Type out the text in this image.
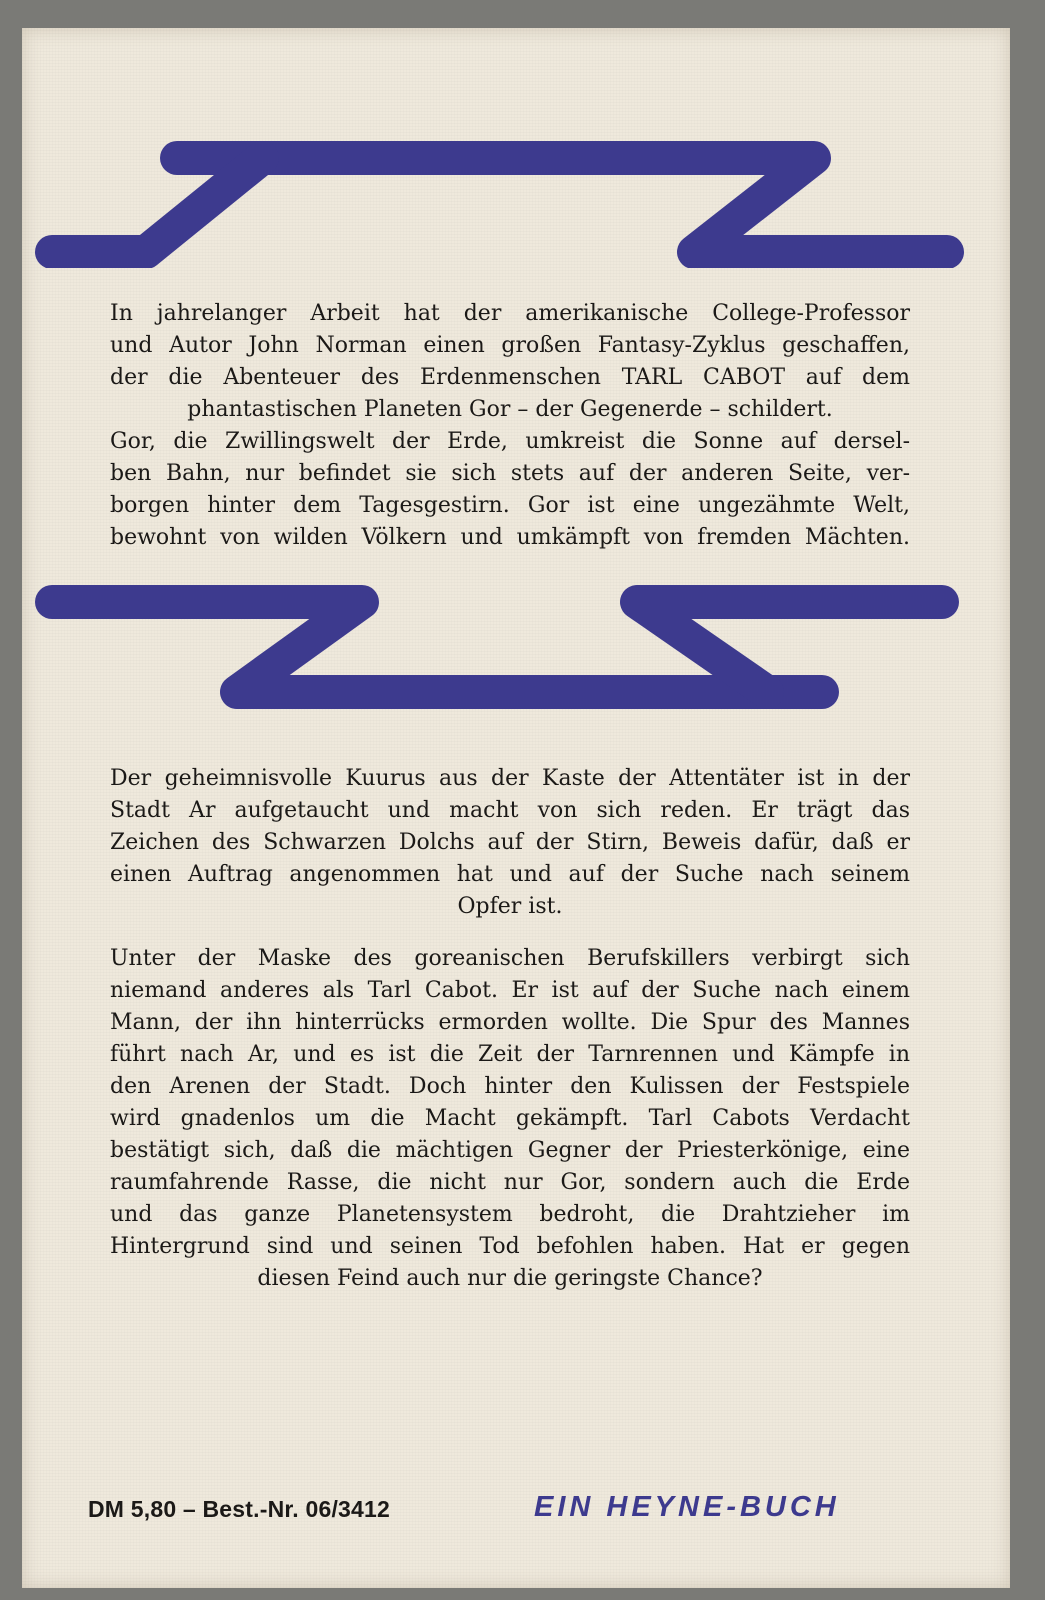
In jahrelanger Arbeit hat der amerikanische College-Professor
und Autor John Norman einen großen Fantasy-Zyklus geschaffen,
der die Abenteuer des Erdenmenschen TARL CABOT auf dem
phantastischen Planeten Gor – der Gegenerde – schildert.
Gor, die Zwillingswelt der Erde, umkreist die Sonne auf dersel-
ben Bahn, nur befindet sie sich stets auf der anderen Seite, ver-
borgen hinter dem Tagesgestirn. Gor ist eine ungezähmte Welt,
bewohnt von wilden Völkern und umkämpft von fremden Mächten.
Der geheimnisvolle Kuurus aus der Kaste der Attentäter ist in der
Stadt Ar aufgetaucht und macht von sich reden. Er trägt das
Zeichen des Schwarzen Dolchs auf der Stirn, Beweis dafür, daß er
einen Auftrag angenommen hat und auf der Suche nach seinem
Opfer ist.
Unter der Maske des goreanischen Berufskillers verbirgt sich
niemand anderes als Tarl Cabot. Er ist auf der Suche nach einem
Mann, der ihn hinterrücks ermorden wollte. Die Spur des Mannes
führt nach Ar, und es ist die Zeit der Tarnrennen und Kämpfe in
den Arenen der Stadt. Doch hinter den Kulissen der Festspiele
wird gnadenlos um die Macht gekämpft. Tarl Cabots Verdacht
bestätigt sich, daß die mächtigen Gegner der Priesterkönige, eine
raumfahrende Rasse, die nicht nur Gor, sondern auch die Erde
und das ganze Planetensystem bedroht, die Drahtzieher im
Hintergrund sind und seinen Tod befohlen haben. Hat er gegen
diesen Feind auch nur die geringste Chance?
DM 5,80 – Best.-Nr. 06/3412	EIN HEYNE-BUCH
